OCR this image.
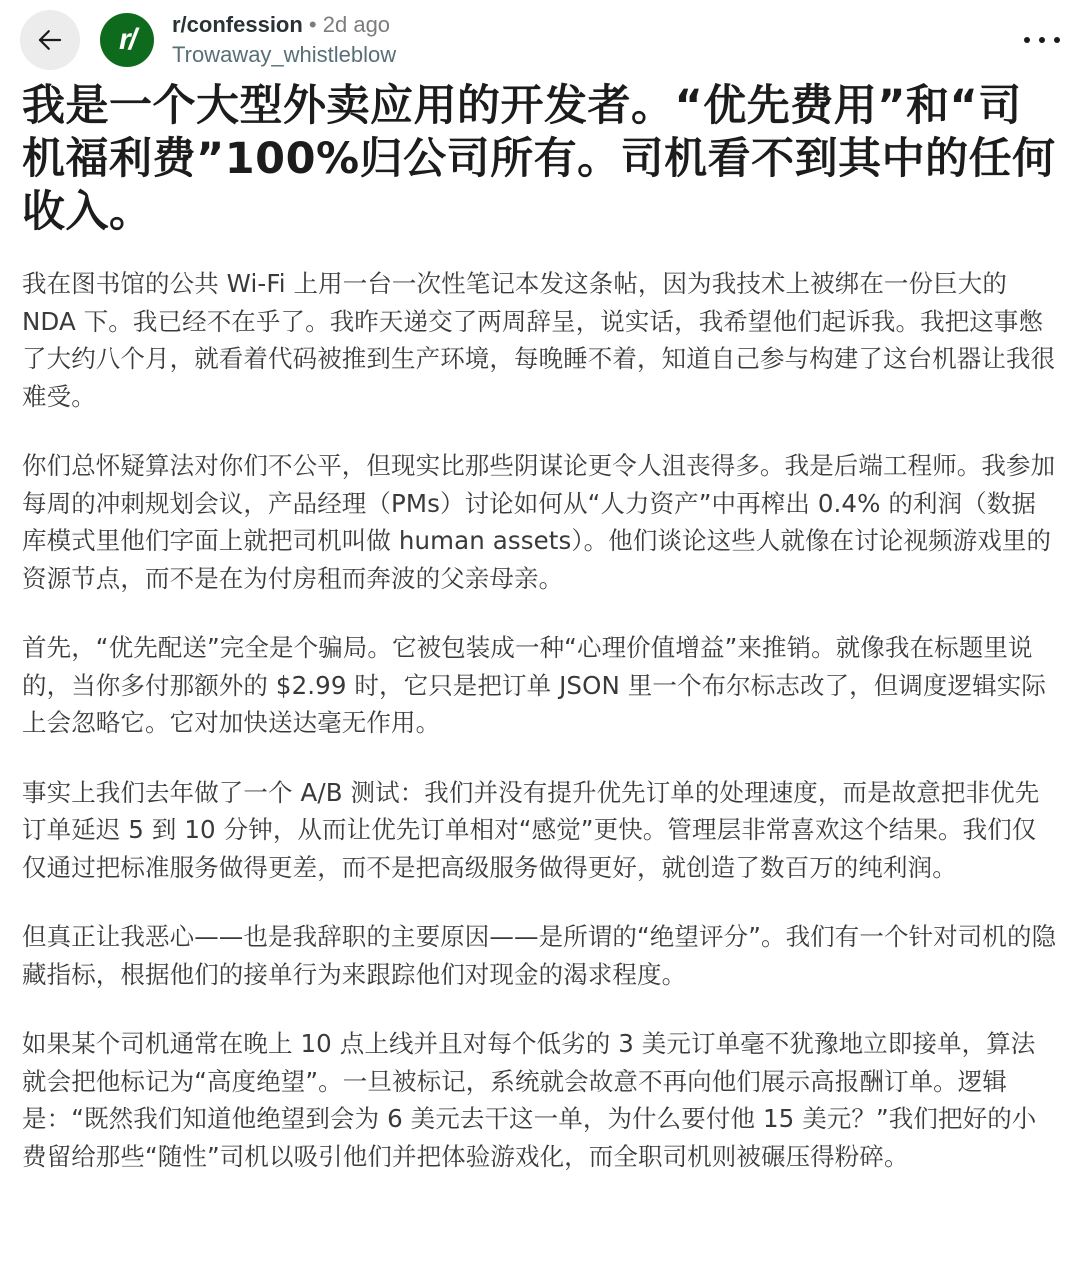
r/ r/confession • 2d ago
Trowaway_whistleblow
我是一个大型外卖应用的开发者。“优先费用”和“司机福利费”100%归公司所有。司机看不到其中的任何收入。

我在图书馆的公共 Wi-Fi 上用一台一次性笔记本发这条帖，因为我技术上被绑在一份巨大的 NDA 下。我已经不在乎了。我昨天递交了两周辞呈，说实话，我希望他们起诉我。我把这事憋了大约八个月，就看着代码被推到生产环境，每晚睡不着，知道自己参与构建了这台机器让我很难受。

你们总怀疑算法对你们不公平，但现实比那些阴谋论更令人沮丧得多。我是后端工程师。我参加每周的冲刺规划会议，产品经理（PMs）讨论如何从“人力资产”中再榨出 0.4% 的利润（数据库模式里他们字面上就把司机叫做 human assets）。他们谈论这些人就像在讨论视频游戏里的资源节点，而不是在为付房租而奔波的父亲母亲。

首先，“优先配送”完全是个骗局。它被包装成一种“心理价值增益”来推销。就像我在标题里说的，当你多付那额外的 $2.99 时，它只是把订单 JSON 里一个布尔标志改了，但调度逻辑实际上会忽略它。它对加快送达毫无作用。

事实上我们去年做了一个 A/B 测试：我们并没有提升优先订单的处理速度，而是故意把非优先订单延迟 5 到 10 分钟，从而让优先订单相对“感觉”更快。管理层非常喜欢这个结果。我们仅仅通过把标准服务做得更差，而不是把高级服务做得更好，就创造了数百万的纯利润。

但真正让我恶心——也是我辞职的主要原因——是所谓的“绝望评分”。我们有一个针对司机的隐藏指标，根据他们的接单行为来跟踪他们对现金的渴求程度。

如果某个司机通常在晚上 10 点上线并且对每个低劣的 3 美元订单毫不犹豫地立即接单，算法就会把他标记为“高度绝望”。一旦被标记，系统就会故意不再向他们展示高报酬订单。逻辑是：“既然我们知道他绝望到会为 6 美元去干这一单，为什么要付他 15 美元？”我们把好的小费留给那些“随性”司机以吸引他们并把体验游戏化，而全职司机则被碾压得粉碎。
